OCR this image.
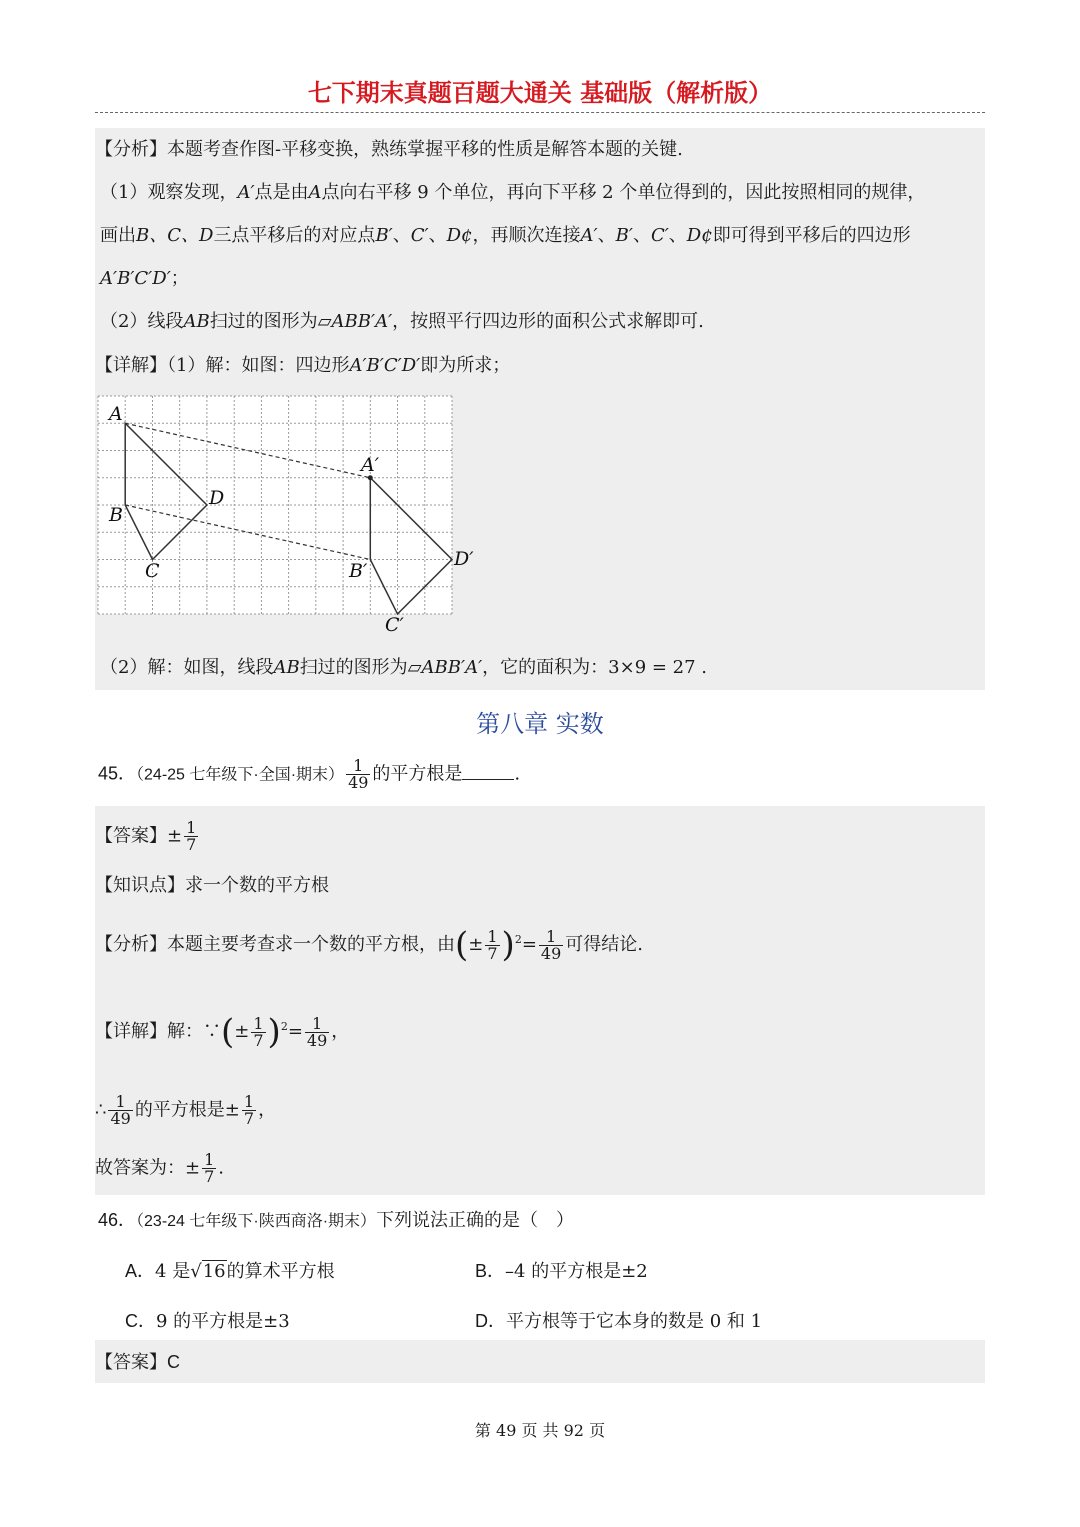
七下期末真题百题大通关 基础版（解析版）
【分析】本题考查作图-平移变换，熟练掌握平移的性质是解答本题的关键.
（1）观察发现，A′点是由A点向右平移 9 个单位，再向下平移 2 个单位得到的，因此按照相同的规律，
画出B、C、D三点平移后的对应点B′、C′、D¢，再顺次连接A′、B′、C′、D¢即可得到平移后的四边形
A′B′C′D′；
（2）线段AB扫过的图形为▱ABB′A′，按照平行四边形的面积公式求解即可.
【详解】（1）解：如图：四边形A′B′C′D′即为所求；
A
B
C
D
A′
B′
C′
D′
（2）解：如图，线段AB扫过的图形为▱ABB′A′，它的面积为：3×9 = 27 .
第八章 实数
45．（24-25 七年级下·全国·期末） $\frac{1}{49}$ 的平方根是	.
【答案】± $\frac{1}{7}$
【知识点】求一个数的平方根
【分析】本题主要考查求一个数的平方根，由(± $\frac{1}{7} )^2= \frac{1}{49}$ 可得结论.
【详解】解：∵(± $\frac{1}{7} )^2= \frac{1}{49}$ ，
∴ $\frac{1}{49}$ 的平方根是± $\frac{1}{7}$ ，
故答案为：± $\frac{1}{7}$ .
46．（23-24 七年级下·陕西商洛·期末）下列说法正确的是（　）
A．4 是√16的算术平方根	B．–4 的平方根是±2
C．9 的平方根是±3	D．平方根等于它本身的数是 0 和 1
【答案】C
第 49 页 共 92 页
